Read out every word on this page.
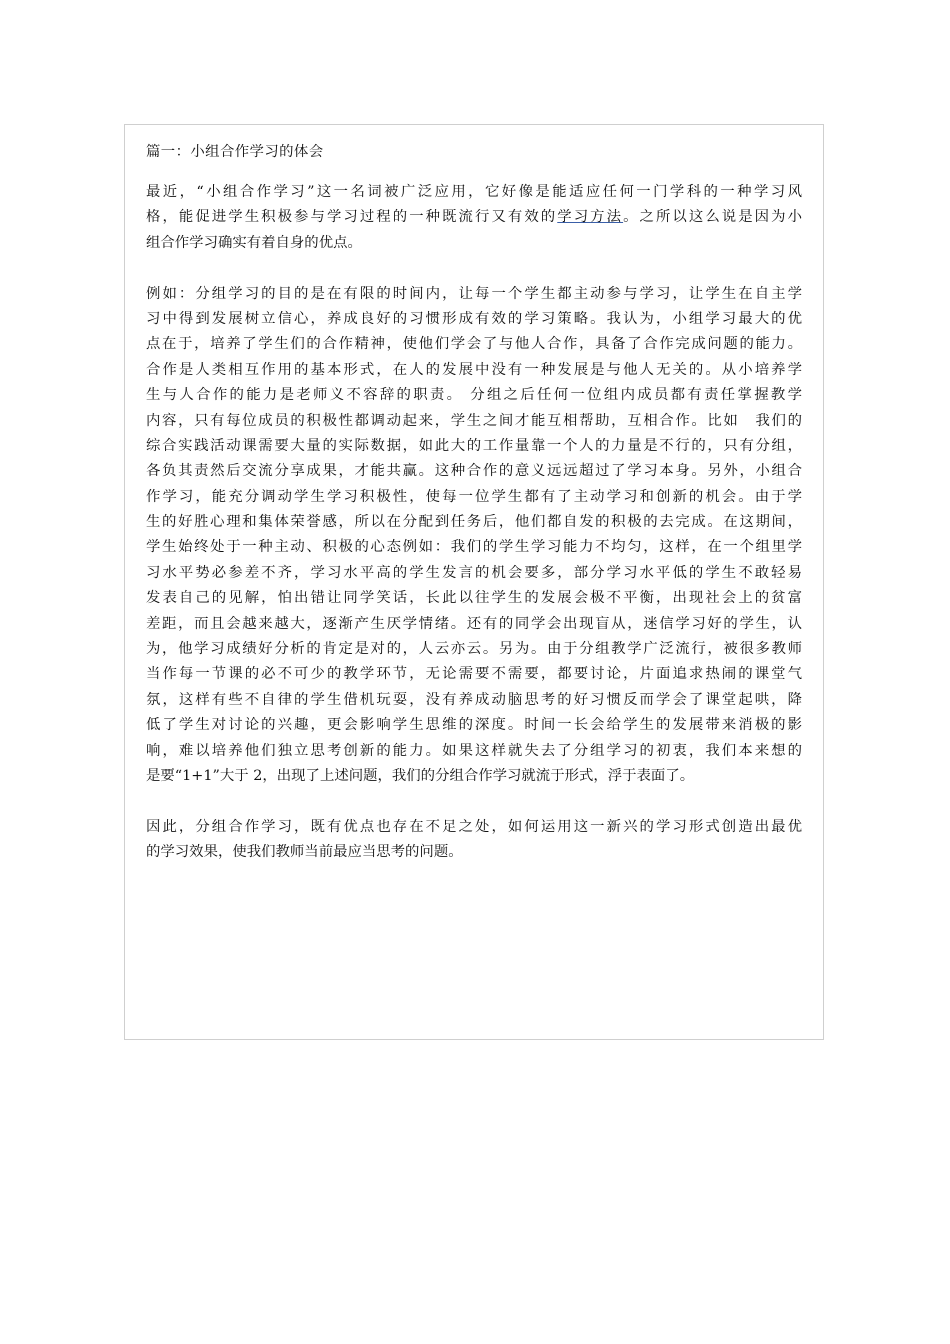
篇一：小组合作学习的体会
最近，“小组合作学习”这一名词被广泛应用，它好像是能适应任何一门学科的一种学习风
格，能促进学生积极参与学习过程的一种既流行又有效的学习方法。之所以这么说是因为小
组合作学习确实有着自身的优点。
例如：分组学习的目的是在有限的时间内，让每一个学生都主动参与学习，让学生在自主学
习中得到发展树立信心，养成良好的习惯形成有效的学习策略。我认为，小组学习最大的优
点在于，培养了学生们的合作精神，使他们学会了与他人合作，具备了合作完成问题的能力。
合作是人类相互作用的基本形式，在人的发展中没有一种发展是与他人无关的。从小培养学
生与人合作的能力是老师义不容辞的职责。 分组之后任何一位组内成员都有责任掌握教学
内容，只有每位成员的积极性都调动起来，学生之间才能互相帮助，互相合作。比如　我们的
综合实践活动课需要大量的实际数据，如此大的工作量靠一个人的力量是不行的，只有分组，
各负其责然后交流分享成果，才能共赢。这种合作的意义远远超过了学习本身。另外，小组合
作学习，能充分调动学生学习积极性，使每一位学生都有了主动学习和创新的机会。由于学
生的好胜心理和集体荣誉感，所以在分配到任务后，他们都自发的积极的去完成。在这期间，
学生始终处于一种主动、积极的心态例如：我们的学生学习能力不均匀，这样，在一个组里学
习水平势必参差不齐，学习水平高的学生发言的机会要多，部分学习水平低的学生不敢轻易
发表自己的见解，怕出错让同学笑话，长此以往学生的发展会极不平衡，出现社会上的贫富
差距，而且会越来越大，逐渐产生厌学情绪。还有的同学会出现盲从，迷信学习好的学生，认
为，他学习成绩好分析的肯定是对的，人云亦云。另为。由于分组教学广泛流行，被很多教师
当作每一节课的必不可少的教学环节，无论需要不需要，都要讨论，片面追求热闹的课堂气
氛，这样有些不自律的学生借机玩耍，没有养成动脑思考的好习惯反而学会了课堂起哄，降
低了学生对讨论的兴趣，更会影响学生思维的深度。时间一长会给学生的发展带来消极的影
响，难以培养他们独立思考创新的能力。如果这样就失去了分组学习的初衷，我们本来想的
是要“1+1”大于 2，出现了上述问题，我们的分组合作学习就流于形式，浮于表面了。
因此，分组合作学习，既有优点也存在不足之处，如何运用这一新兴的学习形式创造出最优
的学习效果，使我们教师当前最应当思考的问题。
